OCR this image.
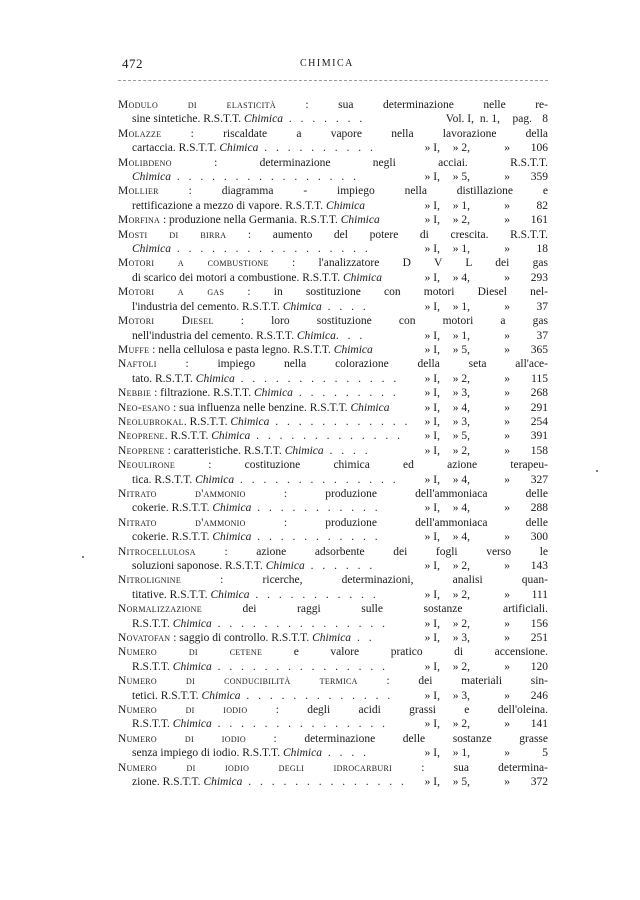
472	CHIMICA
Modulo di elasticità : sua determinazione nelle re-
sine sintetiche. R.S.T.T. Chimica . . . . . . .	Vol. I, n. 1,	pag. 8
Molazze : riscaldate a vapore nella lavorazione della
cartaccia. R.S.T.T. Chimica . . . . . . . . . .	» I,	» 2,	»	106
Molibdeno : determinazione negli acciai. R.S.T.T.
Chimica . . . . . . . . . . . . . . . .	» I,	» 5,	»	359
Mollier : diagramma - impiego nella distillazione e
rettificazione a mezzo di vapore. R.S.T.T. Chimica	» I,	» 1,	»	82
Morfina : produzione nella Germania. R.S.T.T. Chimica	» I,	» 2,	»	161
Mosti di birra : aumento del potere di crescita. R.S.T.T.
Chimica . . . . . . . . . . . . . . . . .	» I,	» 1,	»	18
Motori a combustione : l'analizzatore D V L dei gas
di scarico dei motori a combustione. R.S.T.T. Chimica	» I,	» 4,	»	293
Motori a gas : in sostituzione con motori Diesel nel-
l'industria del cemento. R.S.T.T. Chimica . . . .	» I,	» 1,	»	37
Motori Diesel : loro sostituzione con motori a gas
nell'industria del cemento. R.S.T.T. Chimica. . .	» I,	» 1,	»	37
Muffe : nella cellulosa e pasta legno. R.S.T.T. Chimica	» I,	» 5,	»	365
Naftoli : impiego nella colorazione della seta all'ace-
tato. R.S.T.T. Chimica . . . . . . . . . . . . . .	» I,	» 2,	»	115
Nebbie : filtrazione. R.S.T.T. Chimica . . . . . . . . .	» I,	» 3,	»	268
Neo-esano : sua influenza nelle benzine. R.S.T.T. Chimica	» I,	» 4,	»	291
Neolubrokal. R.S.T.T. Chimica . . . . . . . . . . . .	» I,	» 3,	»	254
Neoprene. R.S.T.T. Chimica . . . . . . . . . . . . .	» I,	» 5,	»	391
Neoprene : caratteristiche. R.S.T.T. Chimica . . . .	» I,	» 2,	»	158
Neoulirone : costituzione chimica ed azione terapeu-
tica. R.S.T.T. Chimica . . . . . . . . . . . . . .	» I,	» 4,	»	327
Nitrato d'ammonio : produzione dell'ammoniaca delle
cokerie. R.S.T.T. Chimica . . . . . . . . . . .	» I,	» 4,	»	288
Nitrato d'ammonio : produzione dell'ammoniaca delle
cokerie. R.S.T.T. Chimica . . . . . . . . . . .	» I,	» 4,	»	300
Nitrocellulosa : azione adsorbente dei fogli verso le
soluzioni saponose. R.S.T.T. Chimica . . . . . .	» I,	» 2,	»	143
Nitrolignine : ricerche, determinazioni, analisi quan-
titative. R.S.T.T. Chimica . . . . . . . . . . .	» I,	» 2,	»	111
Normalizzazione dei raggi sulle sostanze artificiali.
R.S.T.T. Chimica . . . . . . . . . . . . . . .	» I,	» 2,	»	156
Novatofan : saggio di controllo. R.S.T.T. Chimica . .	» I,	» 3,	»	251
Numero di cetene e valore pratico di accensione.
R.S.T.T. Chimica . . . . . . . . . . . . . . .	» I,	» 2,	»	120
Numero di conducibilità termica : dei materiali sin-
tetici. R.S.T.T. Chimica . . . . . . . . . . . . .	» I,	» 3,	»	246
Numero di iodio : degli acidi grassi e dell'oleina.
R.S.T.T. Chimica . . . . . . . . . . . . . . .	» I,	» 2,	»	141
Numero di iodio : determinazione delle sostanze grasse
senza impiego di iodio. R.S.T.T. Chimica . . . .	» I,	» 1,	»	5
Numero di iodio degli idrocarburi : sua determina-
zione. R.S.T.T. Chimica . . . . . . . . . . . . . .	» I,	» 5,	»	372
